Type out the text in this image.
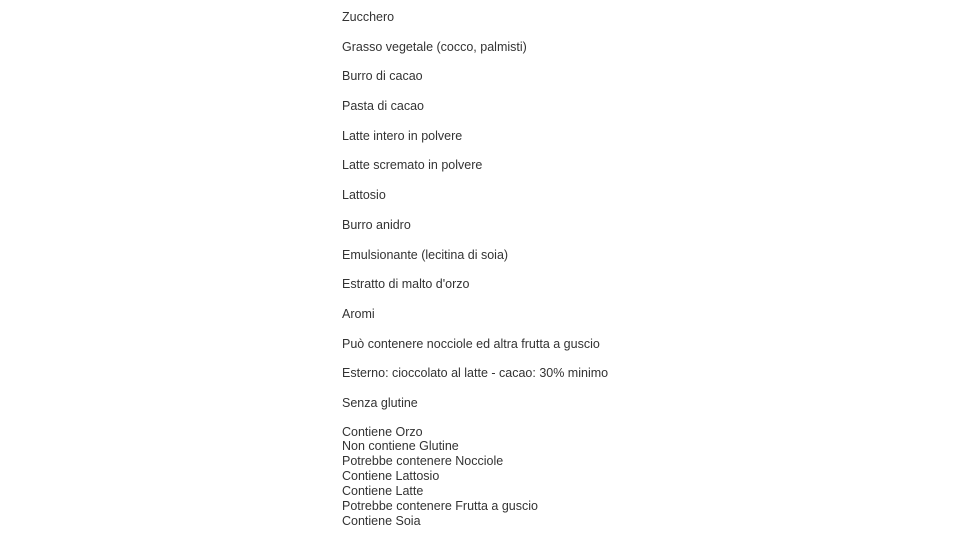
Zucchero
Grasso vegetale (cocco, palmisti)
Burro di cacao
Pasta di cacao
Latte intero in polvere
Latte scremato in polvere
Lattosio
Burro anidro
Emulsionante (lecitina di soia)
Estratto di malto d'orzo
Aromi
Può contenere nocciole ed altra frutta a guscio
Esterno: cioccolato al latte - cacao: 30% minimo
Senza glutine
Contiene Orzo
Non contiene Glutine
Potrebbe contenere Nocciole
Contiene Lattosio
Contiene Latte
Potrebbe contenere Frutta a guscio
Contiene Soia
